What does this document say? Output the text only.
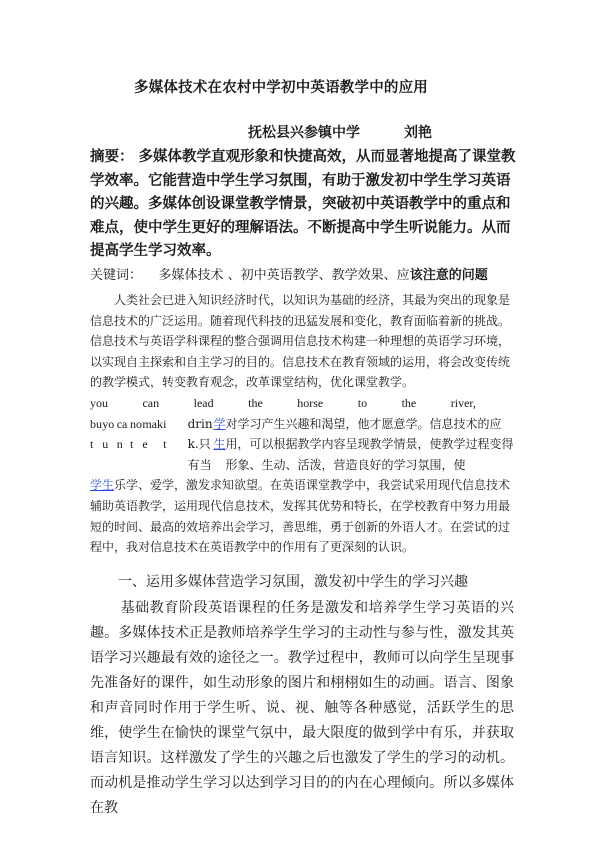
多媒体技术在农村中学初中英语教学中的应用
抚松县兴参镇中学	刘艳
摘要： 多媒体教学直观形象和快捷高效，从而显著地提高了课堂教学效率。它能营造中学生学习氛围，有助于激发初中学生学习英语的兴趣。多媒体创设课堂教学情景，突破初中英语教学中的重点和难点，使中学生更好的理解语法。不断提高中学生听说能力。从而提高学生学习效率。
关键词： 多媒体技术 、初中英语教学、教学效果、应该注意的问题
人类社会已进入知识经济时代，以知识为基础的经济，其最为突出的现象是信息技术的广泛运用。随着现代科技的迅猛发展和变化，教育面临着新的挑战。信息技术与英语学科课程的整合强调用信息技术构建一种理想的英语学习环境，以实现自主探索和自主学习的目的。信息技术在教育领域的运用，将会改变传统的教学模式，转变教育观念，改革课堂结构，优化课堂教学。
you	can	lead	the	horse	to	the	river,
but
you
can
not
make
it

drink.只有当
学生
对学习产生兴趣和渴望，他才愿意学。信息技术的应用，可以根据教学内容呈现教学情景，使教学过程变得形象、生动、活泼，营造良好的学习氛围，使
学生乐学、爱学，激发求知欲望。在英语课堂教学中，我尝试采用现代信息技术辅助英语教学，运用现代信息技术，发挥其优势和特长，在学校教育中努力用最短的时间、最高的效培养出会学习，善思维，勇于创新的外语人才。在尝试的过程中，我对信息技术在英语教学中的作用有了更深刻的认识。
一、运用多媒体营造学习氛围，激发初中学生的学习兴趣
基础教育阶段英语课程的任务是激发和培养学生学习英语的兴趣。多媒体技术正是教师培养学生学习的主动性与参与性，激发其英语学习兴趣最有效的途径之一。教学过程中，教师可以向学生呈现事先准备好的课件，如生动形象的图片和栩栩如生的动画。语言、图象和声音同时作用于学生听、说、视、触等各种感觉，活跃学生的思维，使学生在愉快的课堂气氛中，最大限度的做到学中有乐，并获取语言知识。这样激发了学生的兴趣之后也激发了学生的学习的动机。而动机是推动学生学习以达到学习目的的内在心理倾向。所以多媒体在教
